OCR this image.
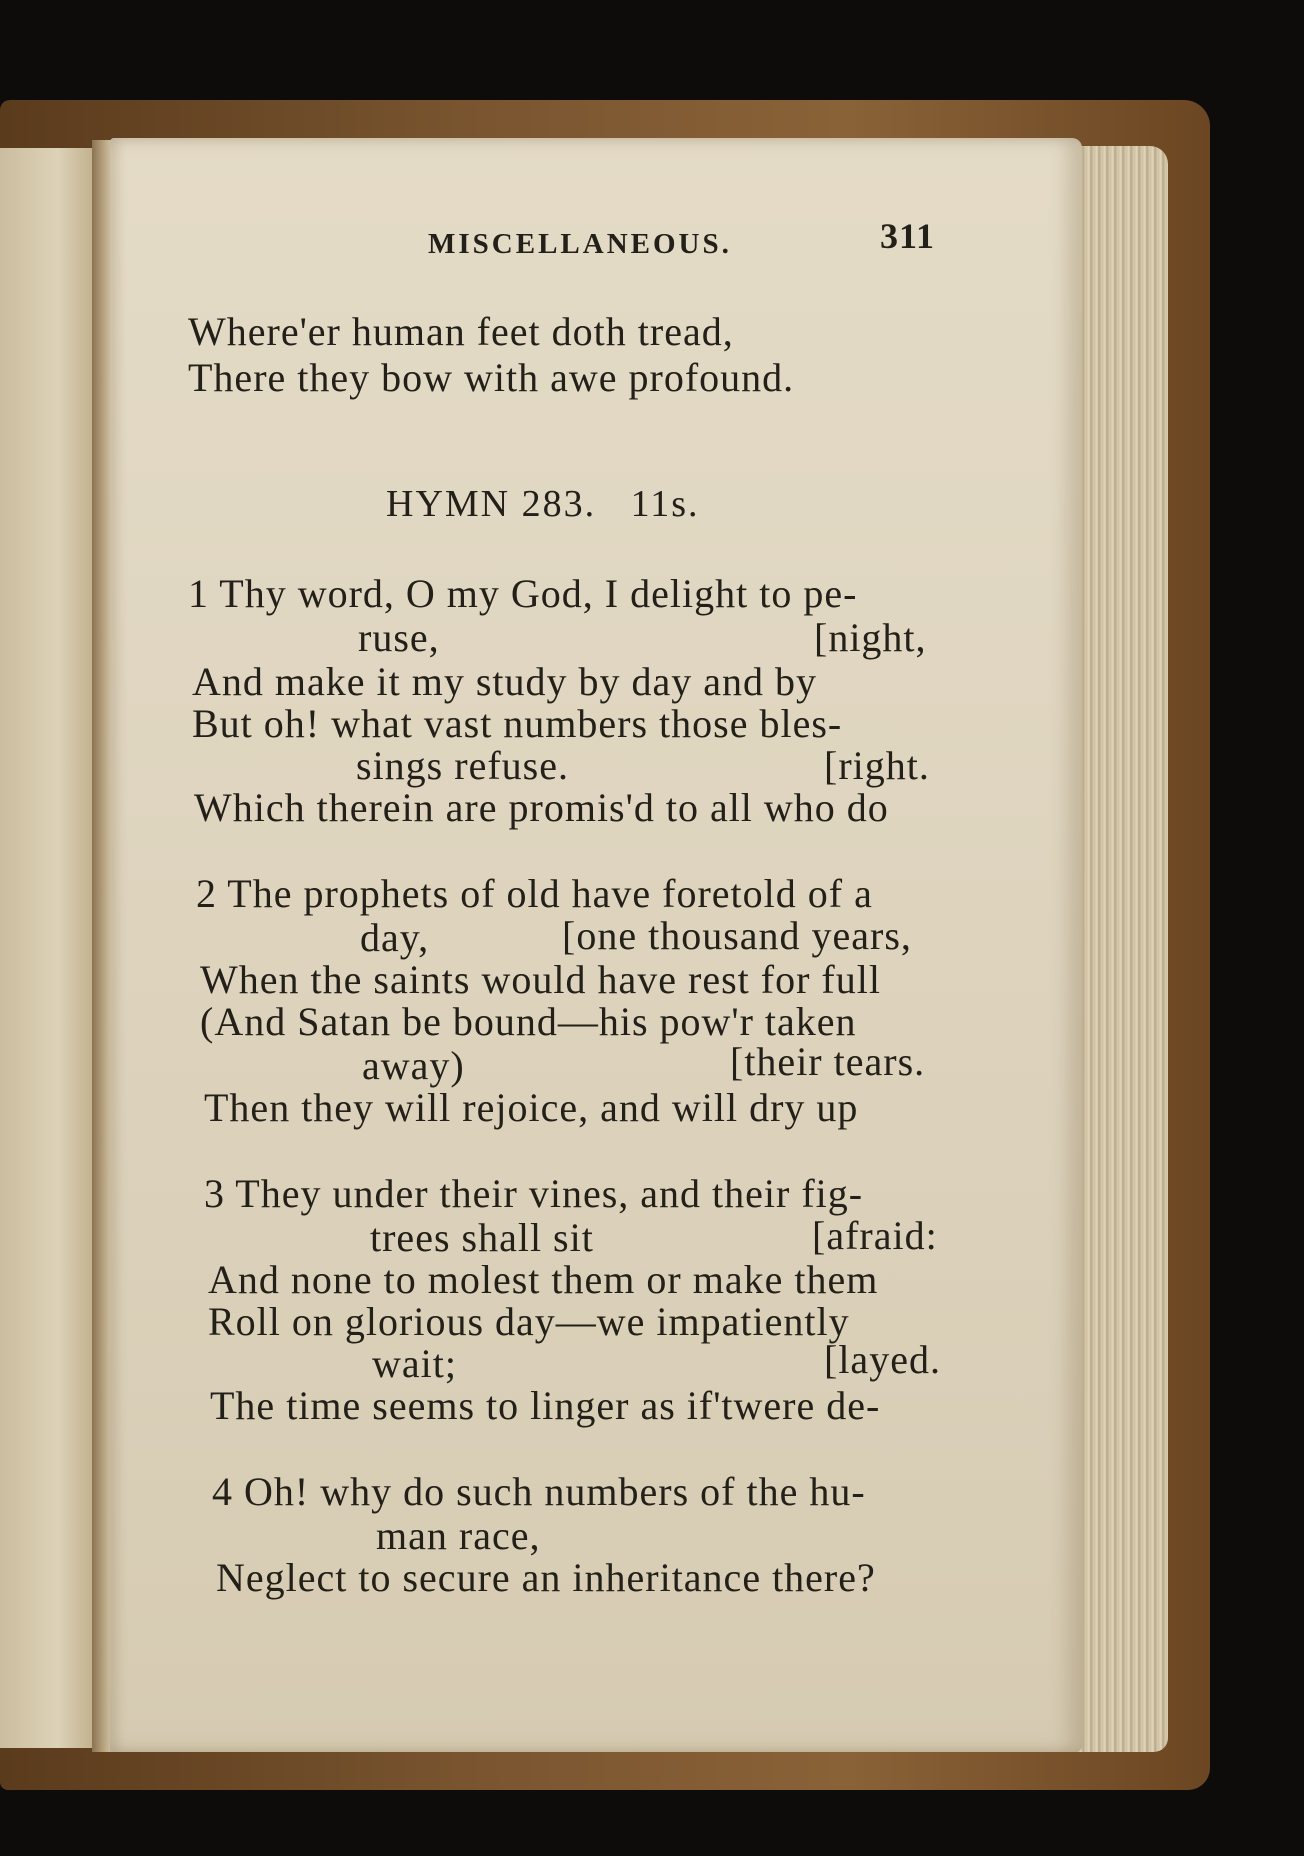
MISCELLANEOUS.	311
Where'er human feet doth tread,
There they bow with awe profound.
HYMN 283.   11s.
1 Thy word, O my God, I delight to pe-
ruse,	[night,
And make it my study by day and by
But oh! what vast numbers those bles-
sings refuse.	[right.
Which therein are promis'd to all who do
2 The prophets of old have foretold of a
day,	[one thousand years,
When the saints would have rest for full
(And Satan be bound—his pow'r taken
away)	[their tears.
Then they will rejoice, and will dry up
3 They under their vines, and their fig-
trees shall sit	[afraid:
And none to molest them or make them
Roll on glorious day—we impatiently
wait;	[layed.
The time seems to linger as if'twere de-
4 Oh! why do such numbers of the hu-
man race,
Neglect to secure an inheritance there?
